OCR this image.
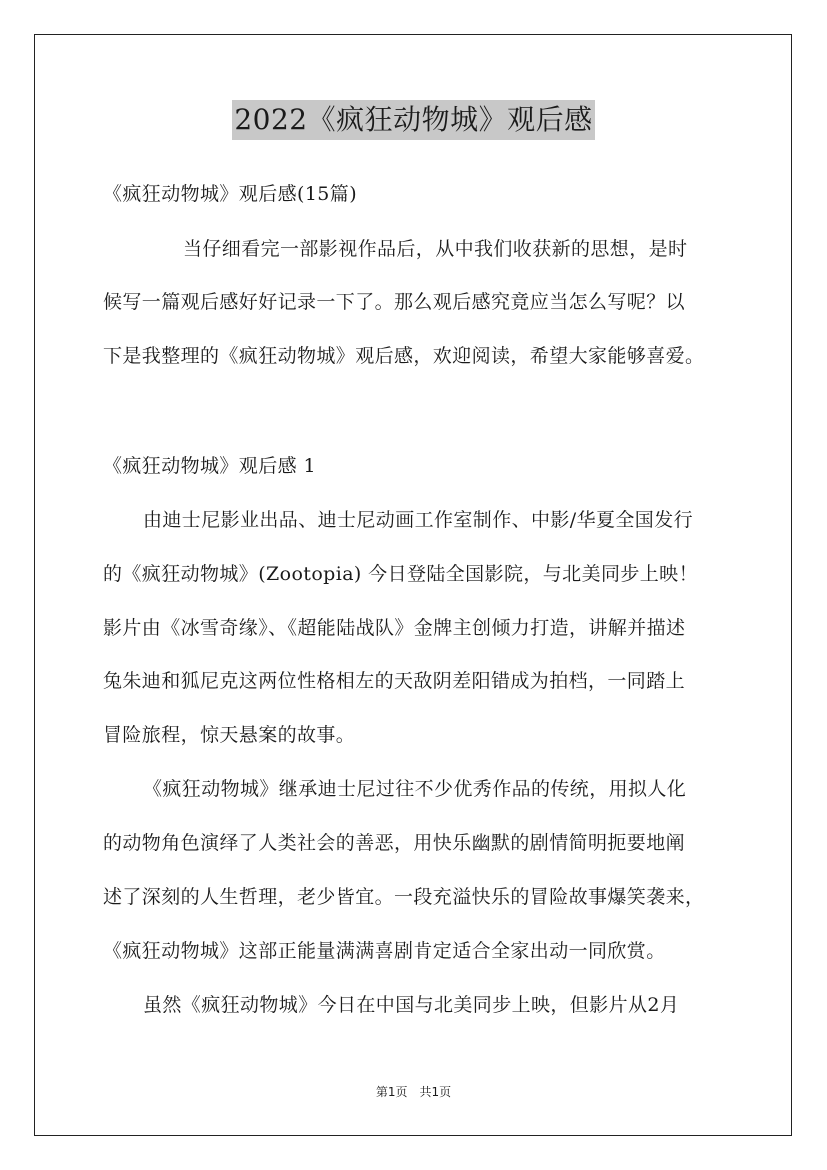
2022《疯狂动物城》观后感
《疯狂动物城》观后感(15篇)
当仔细看完一部影视作品后，从中我们收获新的思想，是时
候写一篇观后感好好记录一下了。那么观后感究竟应当怎么写呢？以
下是我整理的《疯狂动物城》观后感，欢迎阅读，希望大家能够喜爱。
《疯狂动物城》观后感 1
由迪士尼影业出品、迪士尼动画工作室制作、中影/华夏全国发行
的《疯狂动物城》(Zootopia) 今日登陆全国影院，与北美同步上映！
影片由《冰雪奇缘》、《超能陆战队》金牌主创倾力打造，讲解并描述
兔朱迪和狐尼克这两位性格相左的天敌阴差阳错成为拍档，一同踏上
冒险旅程，惊天悬案的故事。
《疯狂动物城》继承迪士尼过往不少优秀作品的传统，用拟人化
的动物角色演绎了人类社会的善恶，用快乐幽默的剧情简明扼要地阐
述了深刻的人生哲理，老少皆宜。一段充溢快乐的冒险故事爆笑袭来，
《疯狂动物城》这部正能量满满喜剧肯定适合全家出动一同欣赏。
虽然《疯狂动物城》今日在中国与北美同步上映，但影片从2月
第1页　共1页
